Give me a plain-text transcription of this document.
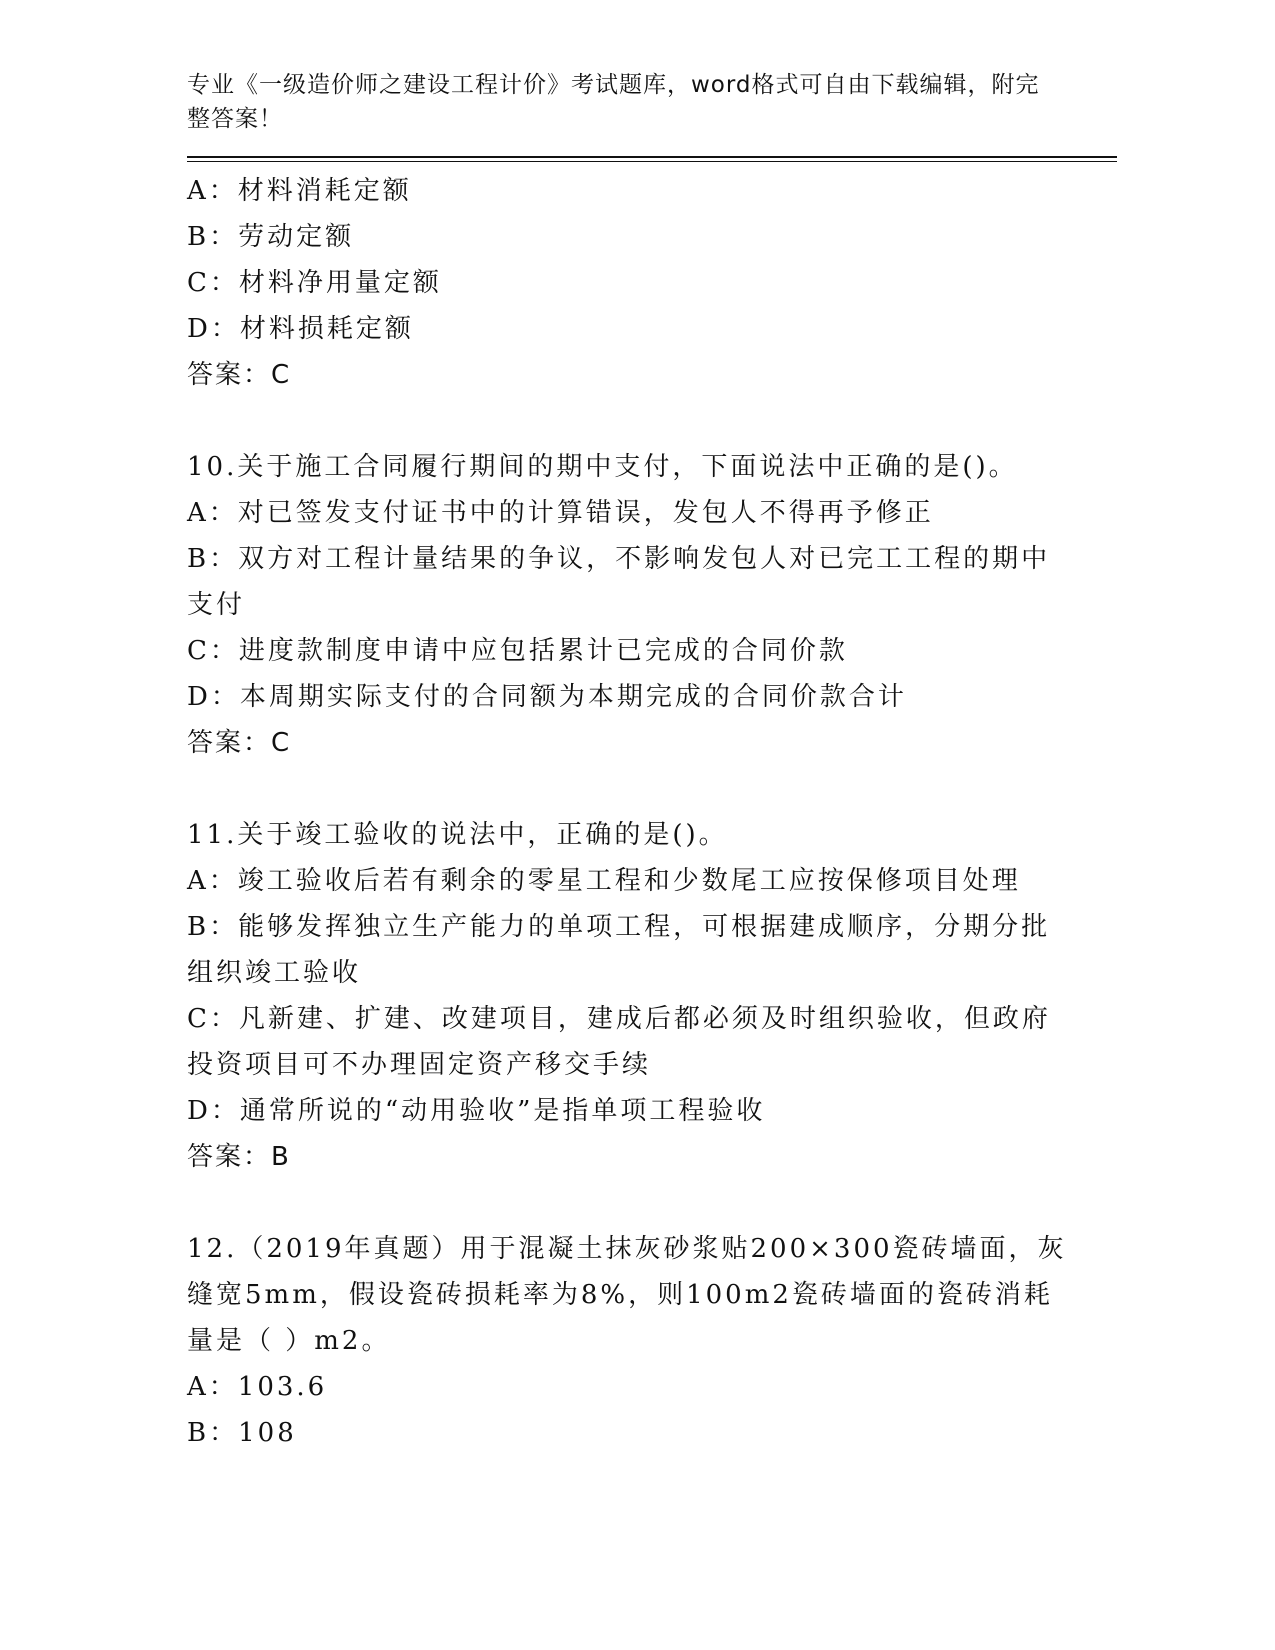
专业《一级造价师之建设工程计价》考试题库，word格式可自由下载编辑，附完整答案！
A：材料消耗定额
B：劳动定额
C：材料净用量定额
D：材料损耗定额
答案：C
10.关于施工合同履行期间的期中支付，下面说法中正确的是()。
A：对已签发支付证书中的计算错误，发包人不得再予修正
B：双方对工程计量结果的争议，不影响发包人对已完工工程的期中支付
C：进度款制度申请中应包括累计已完成的合同价款
D：本周期实际支付的合同额为本期完成的合同价款合计
答案：C
11.关于竣工验收的说法中，正确的是()。
A：竣工验收后若有剩余的零星工程和少数尾工应按保修项目处理
B：能够发挥独立生产能力的单项工程，可根据建成顺序，分期分批组织竣工验收
C：凡新建、扩建、改建项目，建成后都必须及时组织验收，但政府投资项目可不办理固定资产移交手续
D：通常所说的“动用验收”是指单项工程验收
答案：B
12.（2019年真题）用于混凝土抹灰砂浆贴200×300瓷砖墙面，灰缝宽5mm，假设瓷砖损耗率为8%，则100m2瓷砖墙面的瓷砖消耗量是（ ）m2。
A：103.6
B：108
